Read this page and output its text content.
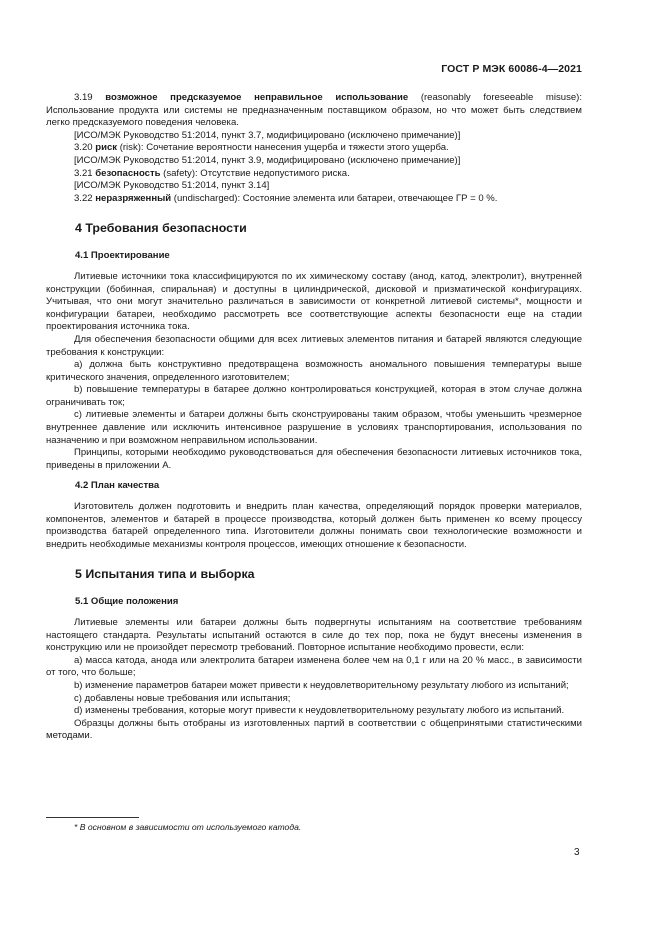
ГОСТ Р МЭК 60086-4—2021

3.19 возможное предсказуемое неправильное использование (reasonably foreseeable misuse): Использование продукта или системы не предназначенным поставщиком образом, но что может быть следствием легко предсказуемого поведения человека.

[ИСО/МЭК Руководство 51:2014, пункт 3.7, модифицировано (исключено примечание)]

3.20 риск (risk): Сочетание вероятности нанесения ущерба и тяжести этого ущерба.

[ИСО/МЭК Руководство 51:2014, пункт 3.9, модифицировано (исключено примечание)]

3.21 безопасность (safety): Отсутствие недопустимого риска.

[ИСО/МЭК Руководство 51:2014, пункт 3.14]

3.22 неразряженный (undischarged): Состояние элемента или батареи, отвечающее ГР = 0 %.

4 Требования безопасности
4.1 Проектирование

Литиевые источники тока классифицируются по их химическому составу (анод, катод, электролит), внутренней конструкции (бобинная, спиральная) и доступны в цилиндрической, дисковой и призматической конфигурациях. Учитывая, что они могут значительно различаться в зависимости от конкретной литиевой системы*, мощности и конфигурации батареи, необходимо рассмотреть все соответствующие аспекты безопасности еще на стадии проектирования источника тока.

Для обеспечения безопасности общими для всех литиевых элементов питания и батарей являются следующие требования к конструкции:

а) должна быть конструктивно предотвращена возможность аномального повышения температуры выше критического значения, определенного изготовителем;

b) повышение температуры в батарее должно контролироваться конструкцией, которая в этом случае должна ограничивать ток;

c) литиевые элементы и батареи должны быть сконструированы таким образом, чтобы уменьшить чрезмерное внутреннее давление или исключить интенсивное разрушение в условиях транспортирования, использования по назначению и при возможном неправильном использовании.

Принципы, которыми необходимо руководствоваться для обеспечения безопасности литиевых источников тока, приведены в приложении А.

4.2 План качества

Изготовитель должен подготовить и внедрить план качества, определяющий порядок проверки материалов, компонентов, элементов и батарей в процессе производства, который должен быть применен ко всему процессу производства батарей определенного типа. Изготовители должны понимать свои технологические возможности и внедрить необходимые механизмы контроля процессов, имеющих отношение к безопасности.

5 Испытания типа и выборка
5.1 Общие положения

Литиевые элементы или батареи должны быть подвергнуты испытаниям на соответствие требованиям настоящего стандарта. Результаты испытаний остаются в силе до тех пор, пока не будут внесены изменения в конструкцию или не произойдет пересмотр требований. Повторное испытание необходимо провести, если:

а) масса катода, анода или электролита батареи изменена более чем на 0,1 г или на 20 % масс., в зависимости от того, что больше;

b) изменение параметров батареи может привести к неудовлетворительному результату любого из испытаний;

c) добавлены новые требования или испытания;

d) изменены требования, которые могут привести к неудовлетворительному результату любого из испытаний.

Образцы должны быть отобраны из изготовленных партий в соответствии с общепринятыми статистическими методами.

* В основном в зависимости от используемого катода.
3
